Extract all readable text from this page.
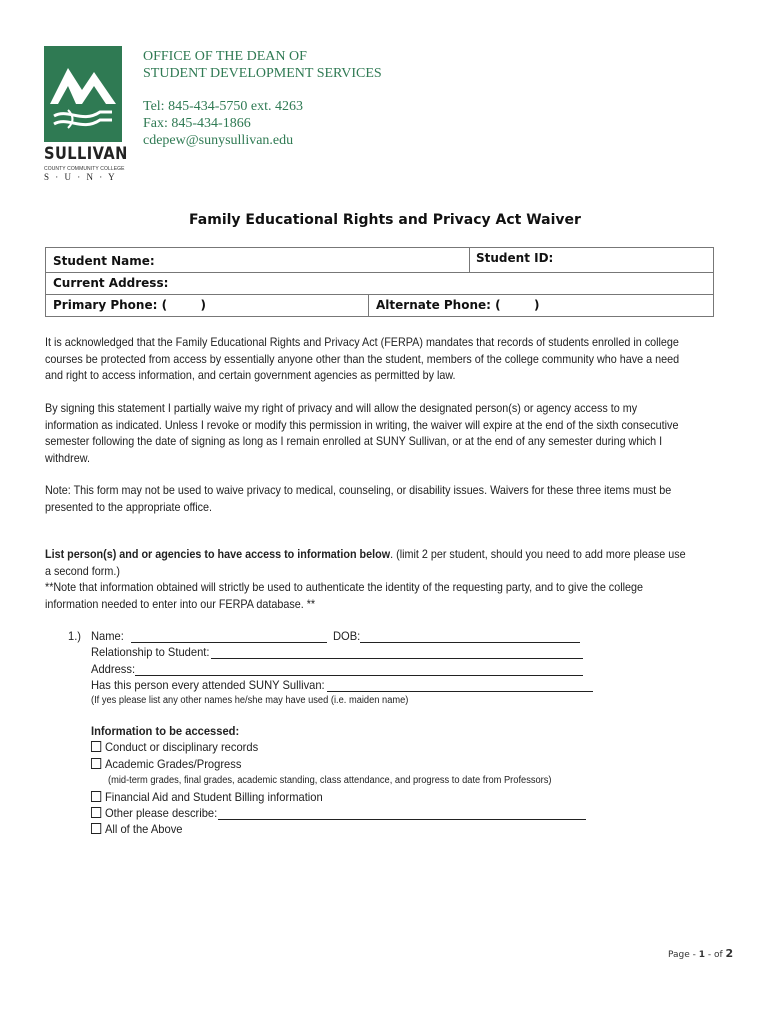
SULLIVAN
COUNTY COMMUNITY COLLEGE
S · U · N · Y
OFFICE OF THE DEAN OF
STUDENT DEVELOPMENT SERVICES
Tel: 845-434-5750 ext. 4263
Fax: 845-434-1866
cdepew@sunysullivan.edu
Family Educational Rights and Privacy Act Waiver
Student Name:	Student ID:
Current Address:
Primary Phone: (        )	Alternate Phone: (        )
It is acknowledged that the Family Educational Rights and Privacy Act (FERPA) mandates that records of students enrolled in college
courses be protected from access by essentially anyone other than the student, members of the college community who have a need
and right to access information, and certain government agencies as permitted by law.
By signing this statement I partially waive my right of privacy and will allow the designated person(s) or agency access to my
information as indicated. Unless I revoke or modify this permission in writing, the waiver will expire at the end of the sixth consecutive
semester following the date of signing as long as I remain enrolled at SUNY Sullivan, or at the end of any semester during which I
withdrew.
Note: This form may not be used to waive privacy to medical, counseling, or disability issues. Waivers for these three items must be
presented to the appropriate office.
List person(s) and or agencies to have access to information below. (limit 2 per student, should you need to add more please use
a second form.)
**Note that information obtained will strictly be used to authenticate the identity of the requesting party, and to give the college
information needed to enter into our FERPA database. **
1.) Name:	DOB:
Relationship to Student:
Address:
Has this person every attended SUNY Sullivan:
(If yes please list any other names he/she may have used (i.e. maiden name)
Information to be accessed:
Conduct or disciplinary records
Academic Grades/Progress
(mid-term grades, final grades, academic standing, class attendance, and progress to date from Professors)
Financial Aid and Student Billing information
Other please describe:
All of the Above
Page - 1 - of 2
